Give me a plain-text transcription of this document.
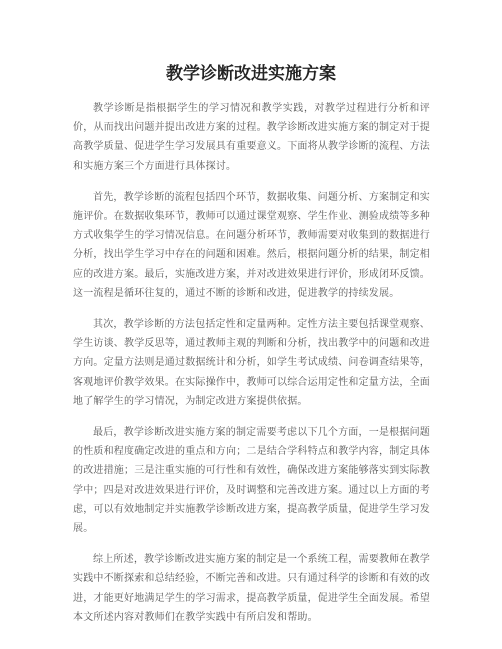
教学诊断改进实施方案

教学诊断是指根据学生的学习情况和教学实践，对教学过程进行分析和评价，从而找出问题并提出改进方案的过程。教学诊断改进实施方案的制定对于提高教学质量、促进学生学习发展具有重要意义。下面将从教学诊断的流程、方法和实施方案三个方面进行具体探讨。

首先，教学诊断的流程包括四个环节，数据收集、问题分析、方案制定和实施评价。在数据收集环节，教师可以通过课堂观察、学生作业、测验成绩等多种方式收集学生的学习情况信息。在问题分析环节，教师需要对收集到的数据进行分析，找出学生学习中存在的问题和困难。然后，根据问题分析的结果，制定相应的改进方案。最后，实施改进方案，并对改进效果进行评价，形成闭环反馈。这一流程是循环往复的，通过不断的诊断和改进，促进教学的持续发展。

其次，教学诊断的方法包括定性和定量两种。定性方法主要包括课堂观察、学生访谈、教学反思等，通过教师主观的判断和分析，找出教学中的问题和改进方向。定量方法则是通过数据统计和分析，如学生考试成绩、问卷调查结果等，客观地评价教学效果。在实际操作中，教师可以综合运用定性和定量方法，全面地了解学生的学习情况，为制定改进方案提供依据。

最后，教学诊断改进实施方案的制定需要考虑以下几个方面，一是根据问题的性质和程度确定改进的重点和方向；二是结合学科特点和教学内容，制定具体的改进措施；三是注重实施的可行性和有效性，确保改进方案能够落实到实际教学中；四是对改进效果进行评价，及时调整和完善改进方案。通过以上方面的考虑，可以有效地制定并实施教学诊断改进方案，提高教学质量，促进学生学习发展。

综上所述，教学诊断改进实施方案的制定是一个系统工程，需要教师在教学实践中不断探索和总结经验，不断完善和改进。只有通过科学的诊断和有效的改进，才能更好地满足学生的学习需求，提高教学质量，促进学生全面发展。希望本文所述内容对教师们在教学实践中有所启发和帮助。
